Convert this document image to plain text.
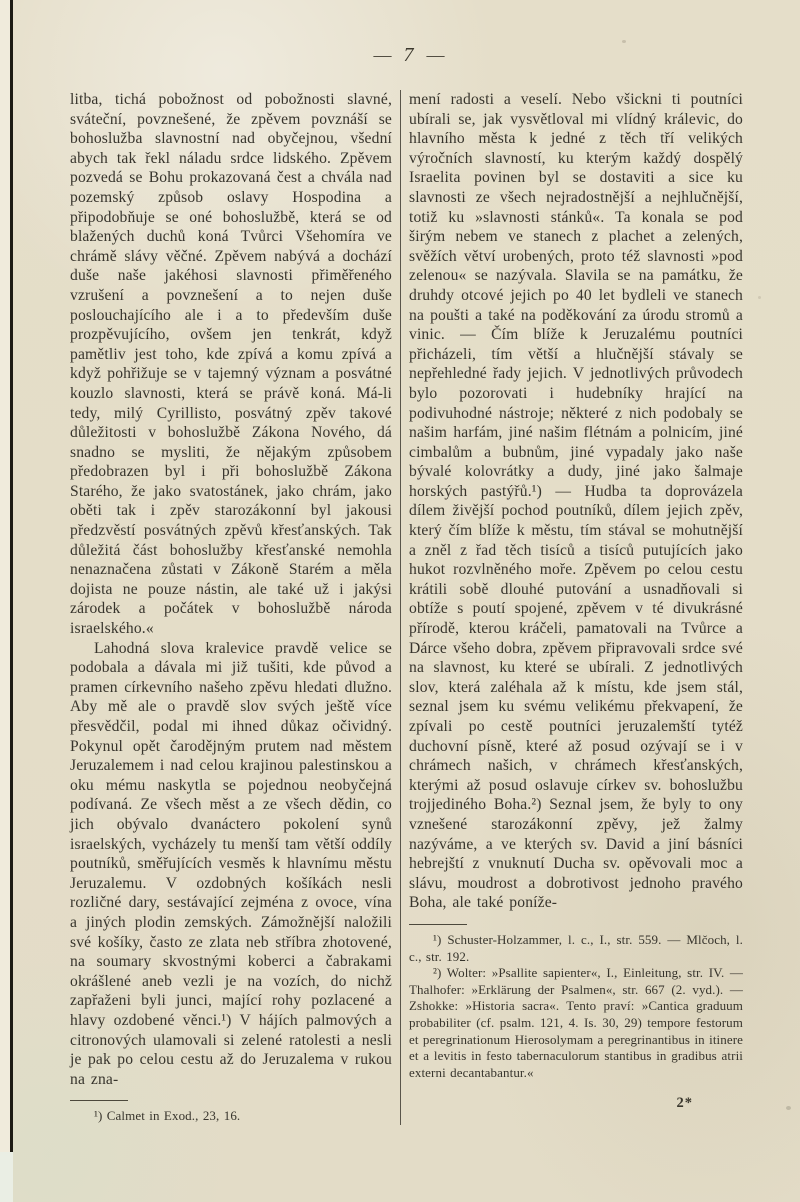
— 7 —

litba, tichá pobožnost od pobožnosti slavné, sváteční, povznešené, že zpěvem povznáší se bohoslužba slavnostní nad obyčejnou, všední abych tak řekl náladu srdce lidského. Zpěvem pozvedá se Bohu prokazovaná čest a chvála nad pozemský způsob oslavy Hospodina a připodobňuje se oné bohoslužbě, která se od blažených duchů koná Tvůrci Všehomíra ve chrámě slávy věčné. Zpěvem nabývá a dochází duše naše jakéhosi slavnosti přiměřeného vzrušení a povznešení a to nejen duše poslouchajícího ale i a to především duše prozpěvujícího, ovšem jen tenkrát, když pamětliv jest toho, kde zpívá a komu zpívá a když pohřižuje se v tajemný význam a posvátné kouzlo slavnosti, která se právě koná. Má-li tedy, milý Cyrillisto, posvátný zpěv takové důležitosti v bohoslužbě Zákona Nového, dá snadno se mysliti, že nějakým způsobem předobrazen byl i při bohoslužbě Zákona Starého, že jako svatostánek, jako chrám, jako oběti tak i zpěv starozákonní byl jakousi předzvěstí posvátných zpěvů křesťanských. Tak důležitá část bohoslužby křesťanské nemohla nenaznačena zůstati v Zákoně Starém a měla dojista ne pouze nástin, ale také už i jakýsi zárodek a počátek v bohoslužbě národa israelského.«

Lahodná slova kralevice pravdě velice se podobala a dávala mi již tušiti, kde původ a pramen církevního našeho zpěvu hledati dlužno. Aby mě ale o pravdě slov svých ještě více přesvědčil, podal mi ihned důkaz očividný. Pokynul opět čarodějným prutem nad městem Jeruzalemem i nad celou krajinou palestinskou a oku mému naskytla se pojednou neobyčejná podívaná. Ze všech měst a ze všech dědin, co jich obývalo dvanáctero pokolení synů israelských, vycházely tu menší tam větší oddíly poutníků, směřujících vesměs k hlavnímu městu Jeruzalemu. V ozdobných košíkách nesli rozličné dary, sestávající zejména z ovoce, vína a jiných plodin zemských. Zámožnější naložili své košíky, často ze zlata neb stříbra zhotovené, na soumary skvostnými koberci a čabrakami okrášlené aneb vezli je na vozích, do nichž zapřaženi byli junci, mající rohy pozlacené a hlavy ozdobené věnci.¹) V hájích palmových a citronových ulamovali si zelené ratolesti a nesli je pak po celou cestu až do Jeruzalema v rukou na zna-

¹) Calmet in Exod., 23, 16.

mení radosti a veselí. Nebo všickni ti poutníci ubírali se, jak vysvětloval mi vlídný králevic, do hlavního města k jedné z těch tří velikých výročních slavností, ku kterým každý dospělý Israelita povinen byl se dostaviti a sice ku slavnosti ze všech nejradostnější a nejhlučnější, totiž ku »slavnosti stánků«. Ta konala se pod širým nebem ve stanech z plachet a zelených, svěžích větví urobených, proto též slavnosti »pod zelenou« se nazývala. Slavila se na památku, že druhdy otcové jejich po 40 let bydleli ve stanech na poušti a také na poděkování za úrodu stromů a vinic. — Čím blíže k Jeruzalému poutníci přicházeli, tím větší a hlučnější stávaly se nepřehledné řady jejich. V jednotlivých průvodech bylo pozorovati i hudebníky hrající na podivuhodné nástroje; některé z nich podobaly se našim harfám, jiné našim flétnám a polnicím, jiné cimbalům a bubnům, jiné vypadaly jako naše bývalé kolovrátky a dudy, jiné jako šalmaje horských pastýřů.¹) — Hudba ta doprovázela dílem živější pochod poutníků, dílem jejich zpěv, který čím blíže k městu, tím stával se mohutnější a zněl z řad těch tisíců a tisíců putujících jako hukot rozvlněného moře. Zpěvem po celou cestu krátili sobě dlouhé putování a usnadňovali si obtíže s poutí spojené, zpěvem v té divukrásné přírodě, kterou kráčeli, pamatovali na Tvůrce a Dárce všeho dobra, zpěvem připravovali srdce své na slavnost, ku které se ubírali. Z jednotlivých slov, která zaléhala až k místu, kde jsem stál, seznal jsem ku svému velikému překvapení, že zpívali po cestě poutníci jeruzalemští tytéž duchovní písně, které až posud ozývají se i v chrámech našich, v chrámech křesťanských, kterými až posud oslavuje církev sv. bohoslužbu trojjediného Boha.²) Seznal jsem, že byly to ony vznešené starozákonní zpěvy, jež žalmy nazýváme, a ve kterých sv. David a jiní básníci hebrejští z vnuknutí Ducha sv. opěvovali moc a slávu, moudrost a dobrotivost jednoho pravého Boha, ale také poníže-

¹) Schuster-Holzammer, l. c., I., str. 559. — Mlčoch, l. c., str. 192.

²) Wolter: »Psallite sapienter«, I., Einleitung, str. IV. — Thalhofer: »Erklärung der Psalmen«, str. 667 (2. vyd.). — Zshokke: »Historia sacra«. Tento praví: »Cantica graduum probabiliter (cf. psalm. 121, 4. Is. 30, 29) tempore festorum et peregrinationum Hierosolymam a peregrinantibus in itinere et a levitis in festo tabernaculorum stantibus in gradibus atrii externi decantabantur.«

2*
